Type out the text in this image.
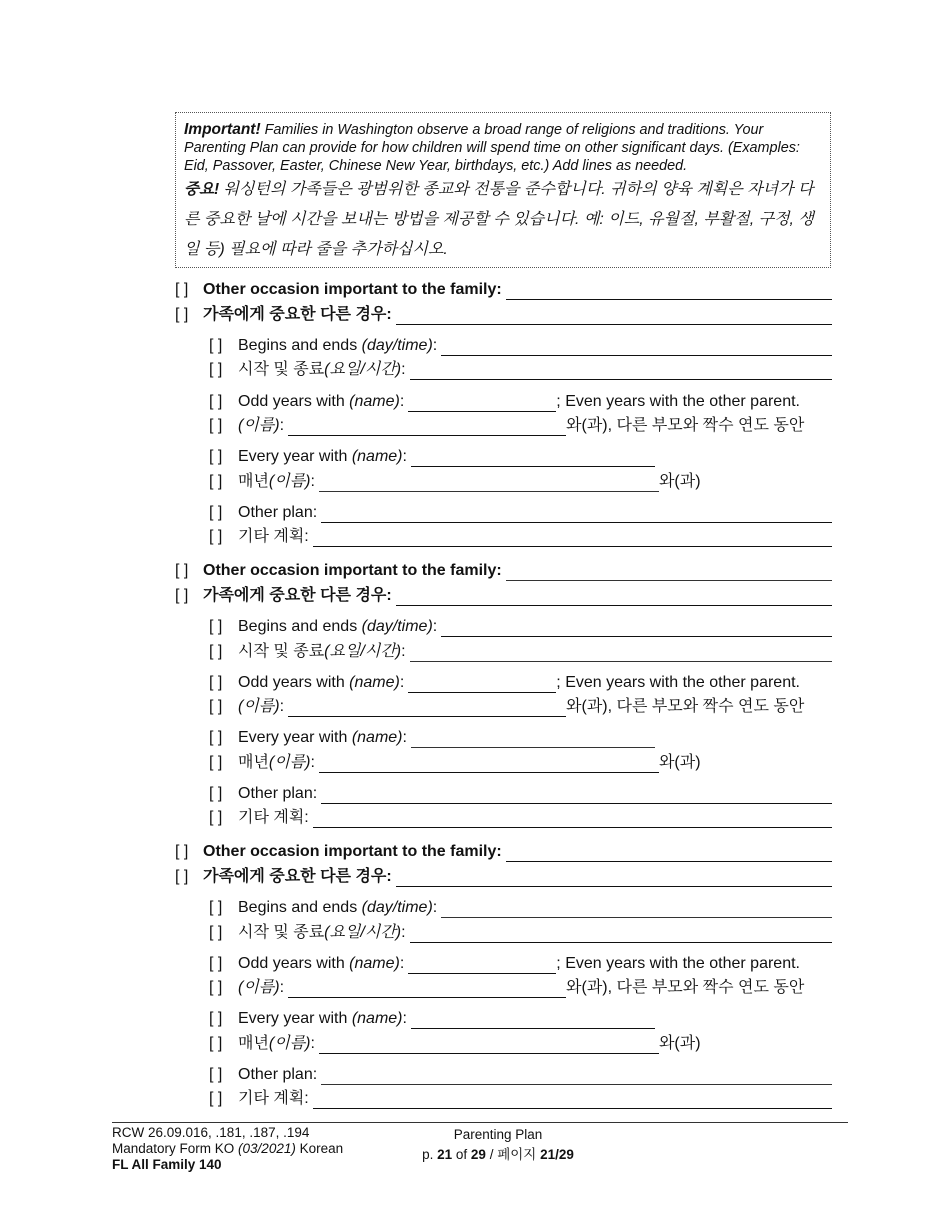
Important! Families in Washington observe a broad range of religions and traditions. Your Parenting Plan can provide for how children will spend time on other significant days. (Examples: Eid, Passover, Easter, Chinese New Year, birthdays, etc.) Add lines as needed.
중요! 워싱턴의 가족들은 광범위한 종교와 전통을 준수합니다. 귀하의 양육 계획은 자녀가 다른 중요한 날에 시간을 보내는 방법을 제공할 수 있습니다. 예: 이드, 유월절, 부활절, 구정, 생일 등) 필요에 따라 줄을 추가하십시오.
[ ] Other occasion important to the family:
[ ] 가족에게 중요한 다른 경우:
[ ] Begins and ends (day/time):
[ ] 시작 및 종료(요일/시간):
[ ] Odd years with (name):	; Even years with the other parent.
[ ] (이름):	와(과), 다른 부모와 짝수 연도 동안
[ ] Every year with (name):
[ ] 매년(이름):	와(과)
[ ] Other plan:
[ ] 기타 계획:
[ ] Other occasion important to the family:
[ ] 가족에게 중요한 다른 경우:
[ ] Begins and ends (day/time):
[ ] 시작 및 종료(요일/시간):
[ ] Odd years with (name):	; Even years with the other parent.
[ ] (이름):	와(과), 다른 부모와 짝수 연도 동안
[ ] Every year with (name):
[ ] 매년(이름):	와(과)
[ ] Other plan:
[ ] 기타 계획:
[ ] Other occasion important to the family:
[ ] 가족에게 중요한 다른 경우:
[ ] Begins and ends (day/time):
[ ] 시작 및 종료(요일/시간):
[ ] Odd years with (name):	; Even years with the other parent.
[ ] (이름):	와(과), 다른 부모와 짝수 연도 동안
[ ] Every year with (name):
[ ] 매년(이름):	와(과)
[ ] Other plan:
[ ] 기타 계획:
RCW 26.09.016, .181, .187, .194
Mandatory Form KO (03/2021) Korean
FL All Family 140
Parenting Plan
p. 21 of 29 / 페이지 21/29
